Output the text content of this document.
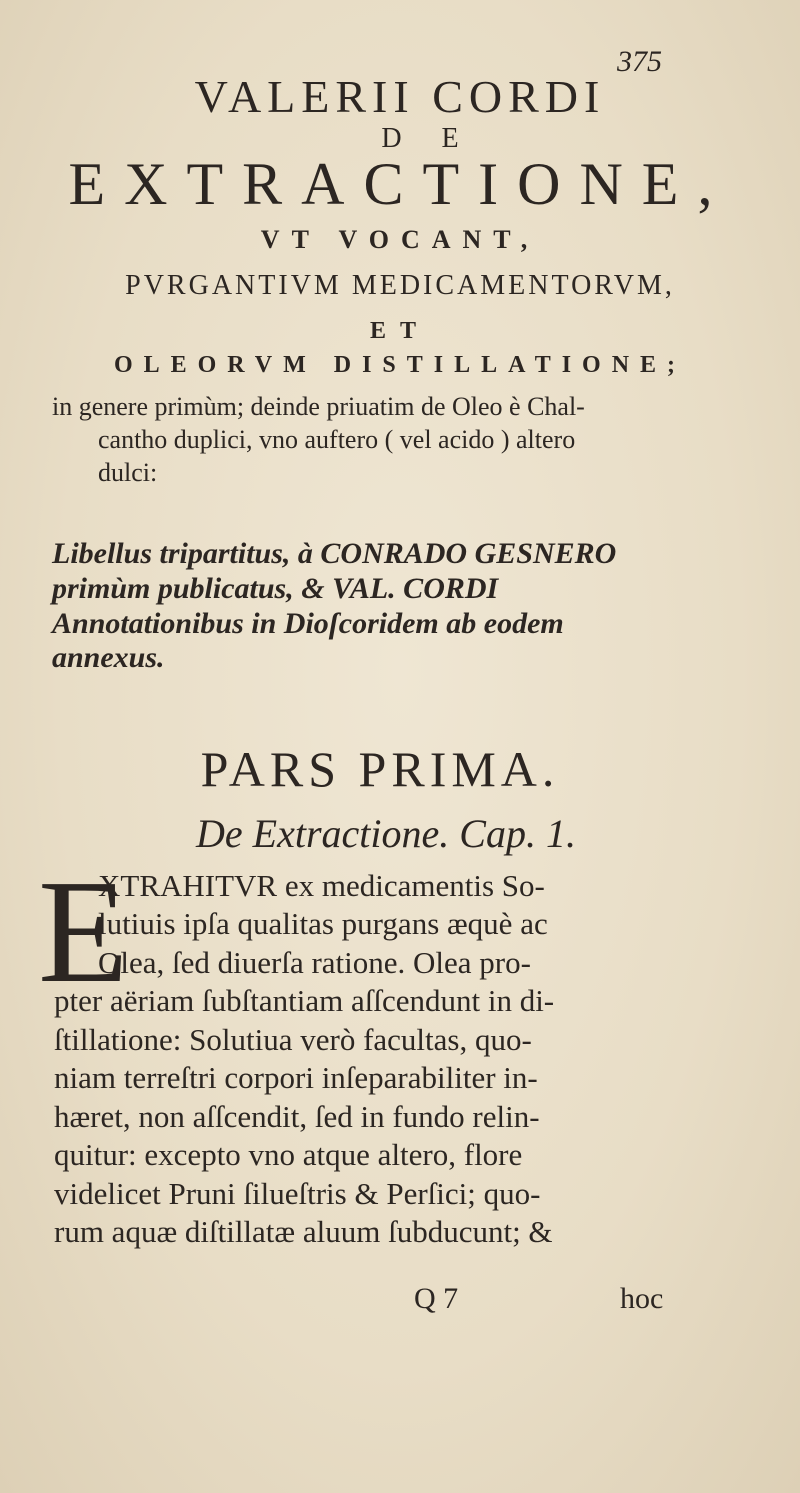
375
VALERII CORDI
DE
EXTRACTIONE,
VT VOCANT,
PVRGANTIVM MEDICAMENTORVM,
ET
OLEORVM DISTILLATIONE;
in genere primùm; deinde priuatim de Oleo è Chal-
cantho duplici, vno auftero ( vel acido ) altero
dulci:
Libellus tripartitus, à CONRADO GESNERO
primùm publicatus, & VAL. CORDI
Annotationibus in Dioſcoridem ab eodem
annexus.
PARS PRIMA.
De Extractione. Cap. 1.
E
XTRAHITVR ex medicamentis So-
lutiuis ipſa qualitas purgans æquè ac
Olea, ſed diuerſa ratione. Olea pro-
pter aëriam ſubſtantiam aſſcendunt in di-
ſtillatione: Solutiua verò facultas, quo-
niam terreſtri corpori inſeparabiliter in-
hæret, non aſſcendit, ſed in fundo relin-
quitur: excepto vno atque altero, flore
videlicet Pruni ſilueſtris & Perſici; quo-
rum aquæ diſtillatæ aluum ſubducunt; &
Q 7	hoc
